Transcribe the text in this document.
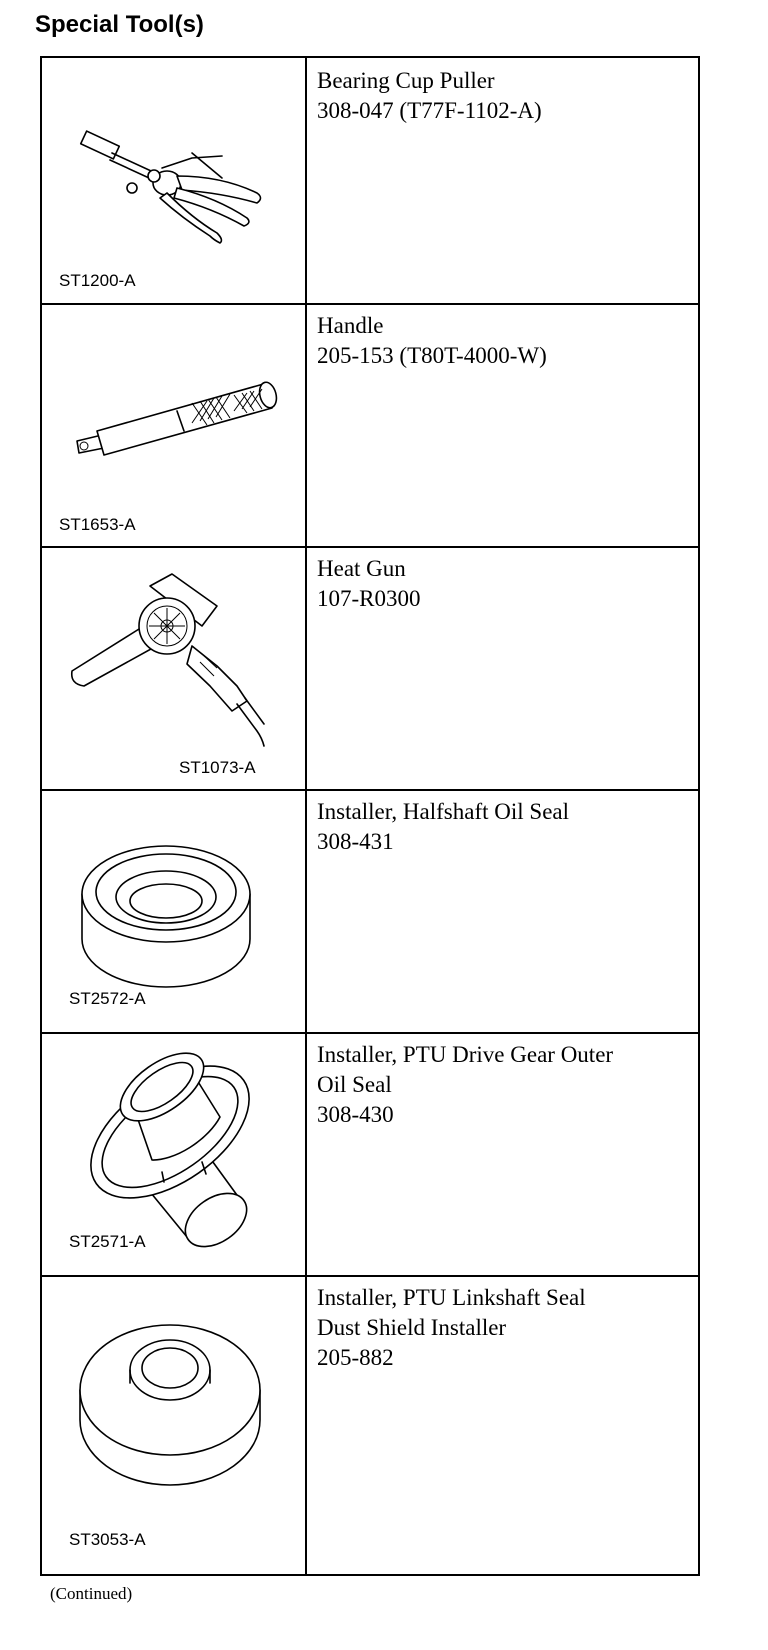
Special Tool(s)
ST1200-A
Bearing Cup Puller
308-047 (T77F-1102-A)
ST1653-A
Handle
205-153 (T80T-4000-W)
ST1073-A
Heat Gun
107-R0300
ST2572-A
Installer, Halfshaft Oil Seal
308-431
ST2571-A
Installer, PTU Drive Gear Outer
Oil Seal
308-430
ST3053-A
Installer, PTU Linkshaft Seal
Dust Shield Installer
205-882
(Continued)
